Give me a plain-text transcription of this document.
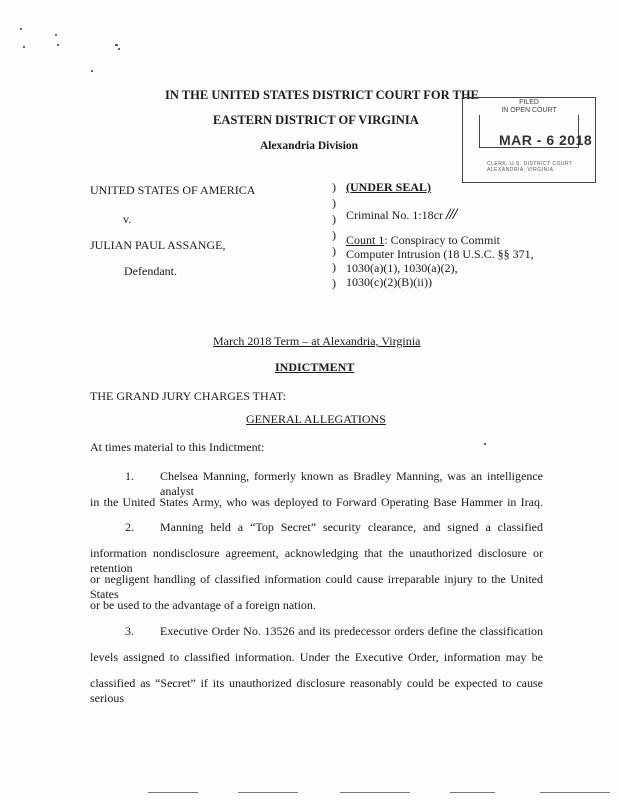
IN THE UNITED STATES DISTRICT COURT FOR THE
EASTERN DISTRICT OF VIRGINIA
Alexandria Division
FILED
IN OPEN COURT
MAR - 6 2018
CLERK, U.S. DISTRICT COURT
ALEXANDRIA, VIRGINIA
UNITED STATES OF AMERICA
v.
JULIAN PAUL ASSANGE,
Defendant.
)
)
)
)
)
)
)
(UNDER SEAL)
Criminal No. 1:18cr ///
Count 1: Conspiracy to Commit
Computer Intrusion (18 U.S.C. §§ 371,
1030(a)(1), 1030(a)(2),
1030(c)(2)(B)(ii))
March 2018 Term – at Alexandria, Virginia
INDICTMENT
THE GRAND JURY CHARGES THAT:
GENERAL ALLEGATIONS
At times material to this Indictment:
1. Chelsea Manning, formerly known as Bradley Manning, was an intelligence analyst
in the United States Army, who was deployed to Forward Operating Base Hammer in Iraq.
2. Manning held a “Top Secret” security clearance, and signed a classified
information nondisclosure agreement, acknowledging that the unauthorized disclosure or retention
or negligent handling of classified information could cause irreparable injury to the United States
or be used to the advantage of a foreign nation.
3. Executive Order No. 13526 and its predecessor orders define the classification
levels assigned to classified information. Under the Executive Order, information may be
classified as “Secret” if its unauthorized disclosure reasonably could be expected to cause serious
